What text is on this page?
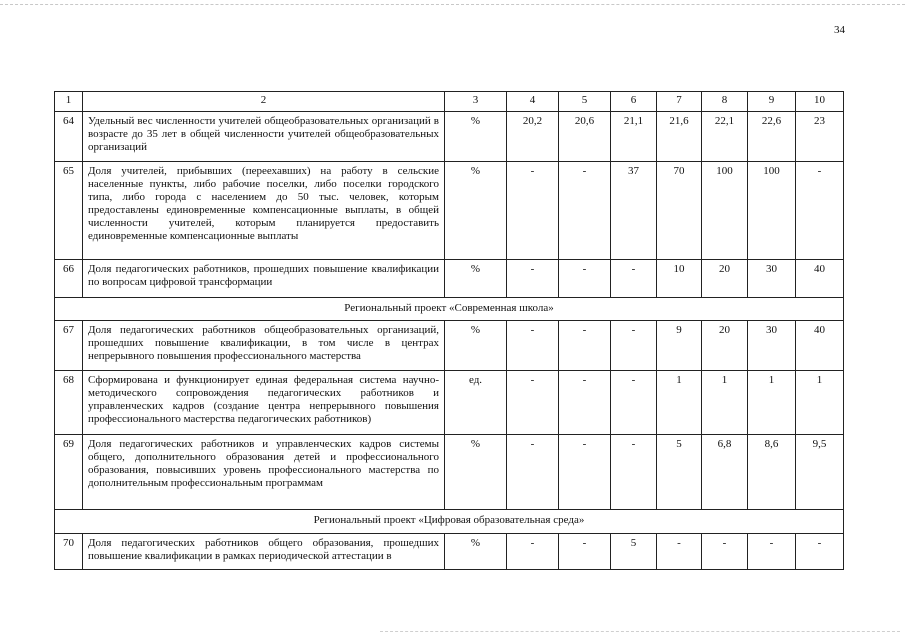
34
1	2	3	4	5	6	7	8	9	10
64	Удельный вес численности учителей общеобразовательных организаций в возрасте до 35 лет в общей численности учителей общеобразовательных организаций	%	20,2	20,6	21,1	21,6	22,1	22,6	23
65	Доля учителей, прибывших (переехавших) на работу в сельские населенные пункты, либо рабочие поселки, либо поселки городского типа, либо города с населением до 50 тыс. человек, которым предоставлены единовременные компенсационные выплаты, в общей численности учителей, которым планируется предоставить единовременные компенсационные выплаты	%	-	-	37	70	100	100	-
66	Доля педагогических работников, прошедших повышение квалификации по вопросам цифровой трансформации	%	-	-	-	10	20	30	40
Региональный проект «Современная школа»									
67	Доля педагогических работников общеобразовательных организаций, прошедших повышение квалификации, в том числе в центрах непрерывного повышения профессионального мастерства	%	-	-	-	9	20	30	40
68	Сформирована и функционирует единая федеральная система научно-методического сопровождения педагогических работников и управленческих кадров (создание центра непрерывного повышения профессионального мастерства педагогических работников)	ед.	-	-	-	1	1	1	1
69	Доля педагогических работников и управленческих кадров системы общего, дополнительного образования детей и профессионального образования, повысивших уровень профессионального мастерства по дополнительным профессиональным программам	%	-	-	-	5	6,8	8,6	9,5
Региональный проект «Цифровая образовательная среда»									
70	Доля педагогических работников общего образования, прошедших повышение квалификации в рамках периодической аттестации в	%	-	-	5	-	-	-	-
